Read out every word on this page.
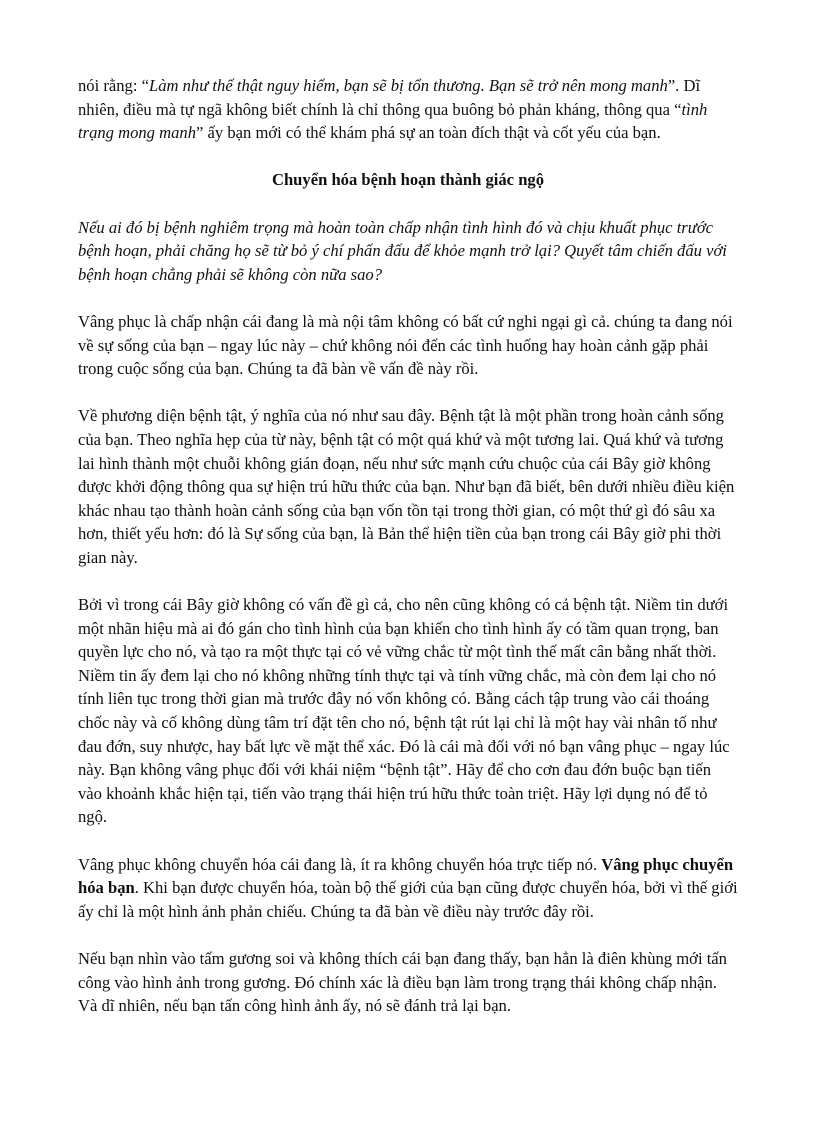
nói rằng: “Làm như thế thật nguy hiểm, bạn sẽ bị tổn thương. Bạn sẽ trở nên mong manh”. Dĩ nhiên, điều mà tự ngã không biết chính là chỉ thông qua buông bỏ phản kháng, thông qua “tình trạng mong manh” ấy bạn mới có thể khám phá sự an toàn đích thật và cốt yếu của bạn.

Chuyển hóa bệnh hoạn thành giác ngộ

Nếu ai đó bị bệnh nghiêm trọng mà hoàn toàn chấp nhận tình hình đó và chịu khuất phục trước bệnh hoạn, phải chăng họ sẽ từ bỏ ý chí phấn đấu để khỏe mạnh trở lại? Quyết tâm chiến đấu với bệnh hoạn chẳng phải sẽ không còn nữa sao?

Vâng phục là chấp nhận cái đang là mà nội tâm không có bất cứ nghi ngại gì cả. chúng ta đang nói về sự sống của bạn – ngay lúc này – chứ không nói đến các tình huống hay hoàn cảnh gặp phải trong cuộc sống của bạn. Chúng ta đã bàn về vấn đề này rồi.

Về phương diện bệnh tật, ý nghĩa của nó như sau đây. Bệnh tật là một phần trong hoàn cảnh sống của bạn. Theo nghĩa hẹp của từ này, bệnh tật có một quá khứ và một tương lai. Quá khứ và tương lai hình thành một chuỗi không gián đoạn, nếu như sức mạnh cứu chuộc của cái Bây giờ không được khởi động thông qua sự hiện trú hữu thức của bạn. Như bạn đã biết, bên dưới nhiều điều kiện khác nhau tạo thành hoàn cảnh sống của bạn vốn tồn tại trong thời gian, có một thứ gì đó sâu xa hơn, thiết yếu hơn: đó là Sự sống của bạn, là Bản thể hiện tiền của bạn trong cái Bây giờ phi thời gian này.

Bởi vì trong cái Bây giờ không có vấn đề gì cả, cho nên cũng không có cả bệnh tật. Niềm tin dưới một nhãn hiệu mà ai đó gán cho tình hình của bạn khiến cho tình hình ấy có tầm quan trọng, ban quyền lực cho nó, và tạo ra một thực tại có vẻ vững chắc từ một tình thế mất cân bằng nhất thời. Niềm tin ấy đem lại cho nó không những tính thực tại và tính vững chắc, mà còn đem lại cho nó tính liên tục trong thời gian mà trước đây nó vốn không có. Bằng cách tập trung vào cái thoáng chốc này và cố không dùng tâm trí đặt tên cho nó, bệnh tật rút lại chỉ là một hay vài nhân tố như đau đớn, suy nhược, hay bất lực về mặt thể xác. Đó là cái mà đối với nó bạn vâng phục – ngay lúc này. Bạn không vâng phục đối với khái niệm “bệnh tật”. Hãy để cho cơn đau đớn buộc bạn tiến vào khoảnh khắc hiện tại, tiến vào trạng thái hiện trú hữu thức toàn triệt. Hãy lợi dụng nó để tỏ ngộ.

Vâng phục không chuyển hóa cái đang là, ít ra không chuyển hóa trực tiếp nó. Vâng phục chuyển hóa bạn. Khi bạn được chuyển hóa, toàn bộ thế giới của bạn cũng được chuyển hóa, bởi vì thế giới ấy chỉ là một hình ảnh phản chiếu. Chúng ta đã bàn về điều này trước đây rồi.

Nếu bạn nhìn vào tấm gương soi và không thích cái bạn đang thấy, bạn hẳn là điên khùng mới tấn công vào hình ảnh trong gương. Đó chính xác là điều bạn làm trong trạng thái không chấp nhận. Và dĩ nhiên, nếu bạn tấn công hình ảnh ấy, nó sẽ đánh trả lại bạn.
